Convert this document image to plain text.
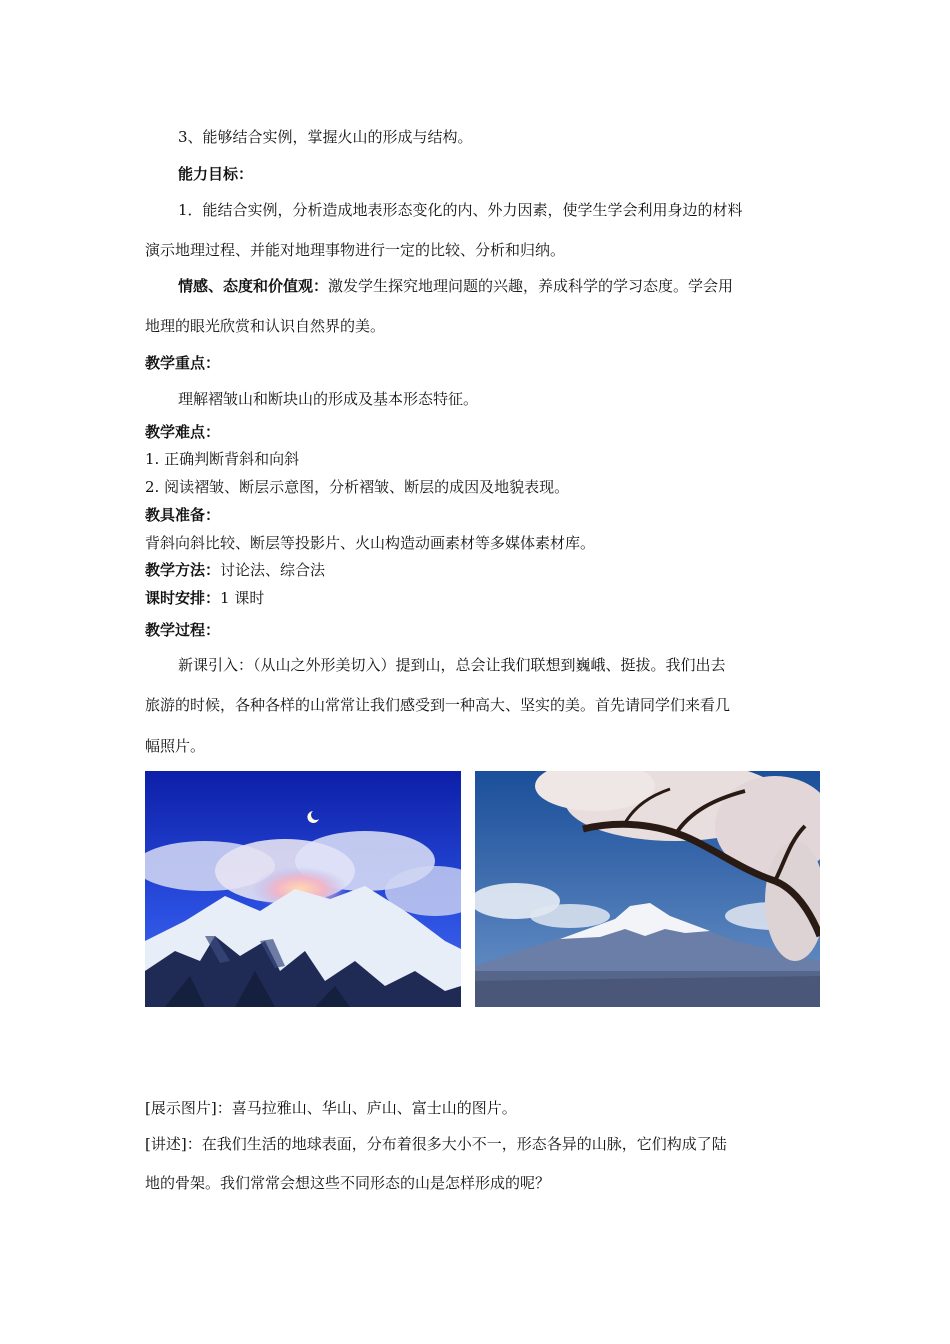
3、能够结合实例，掌握火山的形成与结构。
能力目标：
1．能结合实例，分析造成地表形态变化的内、外力因素，使学生学会利用身边的材料
演示地理过程、并能对地理事物进行一定的比较、分析和归纳。
情感、态度和价值观：激发学生探究地理问题的兴趣，养成科学的学习态度。学会用
地理的眼光欣赏和认识自然界的美。
教学重点：
理解褶皱山和断块山的形成及基本形态特征。
教学难点：
1. 正确判断背斜和向斜
2. 阅读褶皱、断层示意图，分析褶皱、断层的成因及地貌表现。
教具准备：
背斜向斜比较、断层等投影片、火山构造动画素材等多媒体素材库。
教学方法：讨论法、综合法
课时安排：1 课时
教学过程：
新课引入：（从山之外形美切入）提到山，总会让我们联想到巍峨、挺拔。我们出去
旅游的时候，各种各样的山常常让我们感受到一种高大、坚实的美。首先请同学们来看几
幅照片。
[展示图片]：喜马拉雅山、华山、庐山、富士山的图片。
[讲述]：在我们生活的地球表面，分布着很多大小不一，形态各异的山脉，它们构成了陆
地的骨架。我们常常会想这些不同形态的山是怎样形成的呢？
